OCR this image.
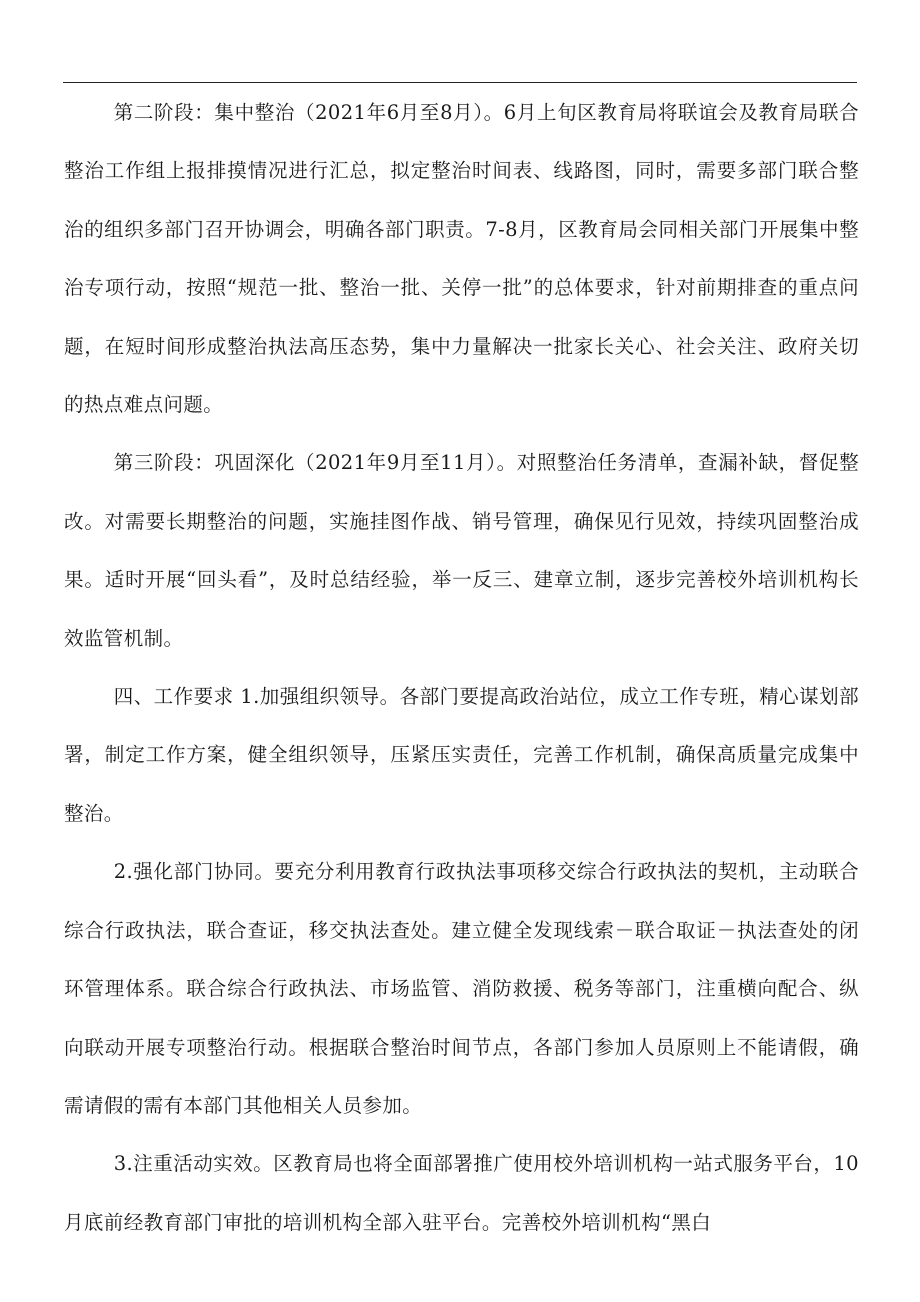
第二阶段：集中整治（2021年6月至8月）。6月上旬区教育局将联谊会及教育局联合整治工作组上报排摸情况进行汇总，拟定整治时间表、线路图，同时，需要多部门联合整治的组织多部门召开协调会，明确各部门职责。7-8月，区教育局会同相关部门开展集中整治专项行动，按照“规范一批、整治一批、关停一批”的总体要求，针对前期排查的重点问题，在短时间形成整治执法高压态势，集中力量解决一批家长关心、社会关注、政府关切的热点难点问题。

第三阶段：巩固深化（2021年9月至11月）。对照整治任务清单，查漏补缺，督促整改。对需要长期整治的问题，实施挂图作战、销号管理，确保见行见效，持续巩固整治成果。适时开展“回头看”，及时总结经验，举一反三、建章立制，逐步完善校外培训机构长效监管机制。

四、工作要求 1.加强组织领导。各部门要提高政治站位，成立工作专班，精心谋划部署，制定工作方案，健全组织领导，压紧压实责任，完善工作机制，确保高质量完成集中整治。

2.强化部门协同。要充分利用教育行政执法事项移交综合行政执法的契机，主动联合综合行政执法，联合查证，移交执法查处。建立健全发现线索－联合取证－执法查处的闭环管理体系。联合综合行政执法、市场监管、消防救援、税务等部门，注重横向配合、纵向联动开展专项整治行动。根据联合整治时间节点，各部门参加人员原则上不能请假，确需请假的需有本部门其他相关人员参加。

3.注重活动实效。区教育局也将全面部署推广使用校外培训机构一站式服务平台，10月底前经教育部门审批的培训机构全部入驻平台。完善校外培训机构“黑白
